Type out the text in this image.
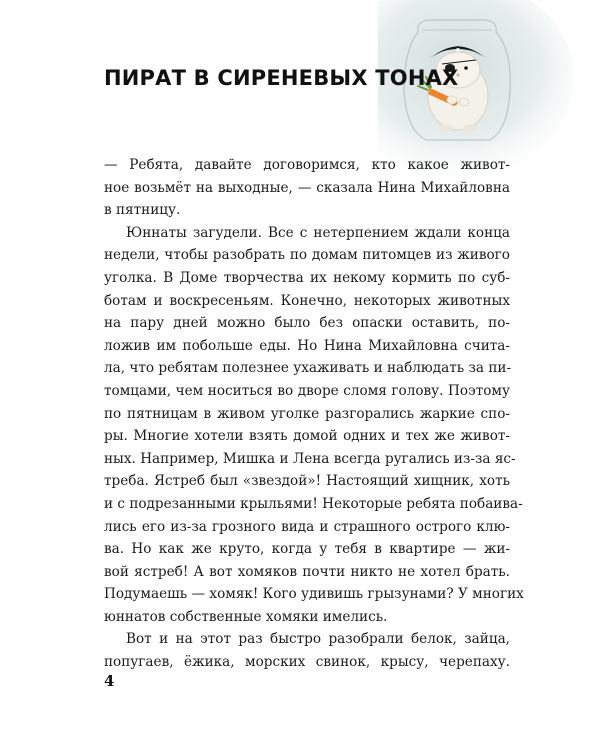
ПИРАТ В СИРЕНЕВЫХ ТОНАХ
— Ребята, давайте договоримся, кто какое живот-
ное возьмёт на выходные, — сказала Нина Михайловна
в пятницу.
Юннаты загудели. Все с нетерпением ждали конца
недели, чтобы разобрать по домам питомцев из живого
уголка. В Доме творчества их некому кормить по суб-
ботам и воскресеньям. Конечно, некоторых животных
на пару дней можно было без опаски оставить, по-
ложив им побольше еды. Но Нина Михайловна счита-
ла, что ребятам полезнее ухаживать и наблюдать за пи-
томцами, чем носиться во дворе сломя голову. Поэтому
по пятницам в живом уголке разгорались жаркие спо-
ры. Многие хотели взять домой одних и тех же живот-
ных. Например, Мишка и Лена всегда ругались из-за яс-
треба. Ястреб был «звездой»! Настоящий хищник, хоть
и с подрезанными крыльями! Некоторые ребята побаива-
лись его из-за грозного вида и страшного острого клю-
ва. Но как же круто, когда у тебя в квартире — жи-
вой ястреб! А вот хомяков почти никто не хотел брать.
Подумаешь — хомяк! Кого удивишь грызунами? У многих
юннатов собственные хомяки имелись.
Вот и на этот раз быстро разобрали белок, зайца,
попугаев, ёжика, морских свинок, крысу, черепаху.
4
